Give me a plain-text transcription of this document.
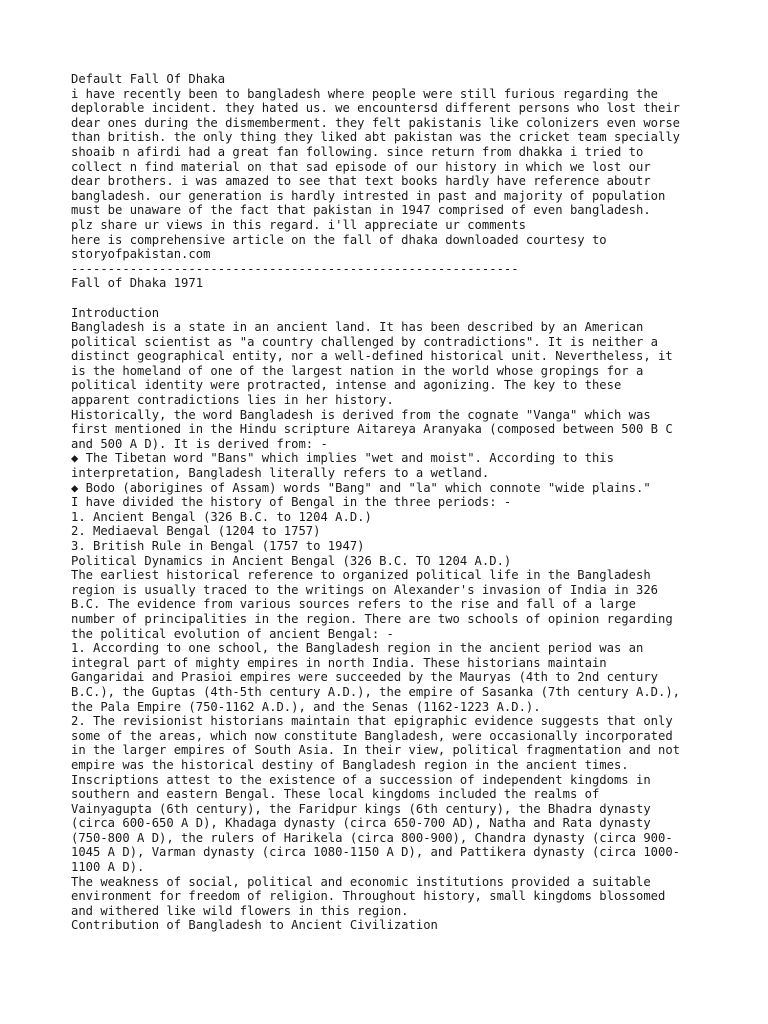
Default Fall Of Dhaka
i have recently been to bangladesh where people were still furious regarding the
deplorable incident. they hated us. we encountersd different persons who lost their
dear ones during the dismemberment. they felt pakistanis like colonizers even worse
than british. the only thing they liked abt pakistan was the cricket team specially
shoaib n afirdi had a great fan following. since return from dhakka i tried to
collect n find material on that sad episode of our history in which we lost our
dear brothers. i was amazed to see that text books hardly have reference aboutr
bangladesh. our generation is hardly intrested in past and majority of population
must be unaware of the fact that pakistan in 1947 comprised of even bangladesh.
plz share ur views in this regard. i'll appreciate ur comments
here is comprehensive article on the fall of dhaka downloaded courtesy to
storyofpakistan.com
-------------------------------------------------------------
Fall of Dhaka 1971
Introduction
Bangladesh is a state in an ancient land. It has been described by an American
political scientist as "a country challenged by contradictions". It is neither a
distinct geographical entity, nor a well-defined historical unit. Nevertheless, it
is the homeland of one of the largest nation in the world whose gropings for a
political identity were protracted, intense and agonizing. The key to these
apparent contradictions lies in her history.
Historically, the word Bangladesh is derived from the cognate "Vanga" which was
first mentioned in the Hindu scripture Aitareya Aranyaka (composed between 500 B C
and 500 A D). It is derived from: -
◆ The Tibetan word "Bans" which implies "wet and moist". According to this
interpretation, Bangladesh literally refers to a wetland.
◆ Bodo (aborigines of Assam) words "Bang" and "la" which connote "wide plains."
I have divided the history of Bengal in the three periods: -
1. Ancient Bengal (326 B.C. to 1204 A.D.)
2. Mediaeval Bengal (1204 to 1757)
3. British Rule in Bengal (1757 to 1947)
Political Dynamics in Ancient Bengal (326 B.C. TO 1204 A.D.)
The earliest historical reference to organized political life in the Bangladesh
region is usually traced to the writings on Alexander's invasion of India in 326
B.C. The evidence from various sources refers to the rise and fall of a large
number of principalities in the region. There are two schools of opinion regarding
the political evolution of ancient Bengal: -
1. According to one school, the Bangladesh region in the ancient period was an
integral part of mighty empires in north India. These historians maintain
Gangaridai and Prasioi empires were succeeded by the Mauryas (4th to 2nd century
B.C.), the Guptas (4th-5th century A.D.), the empire of Sasanka (7th century A.D.),
the Pala Empire (750-1162 A.D.), and the Senas (1162-1223 A.D.).
2. The revisionist historians maintain that epigraphic evidence suggests that only
some of the areas, which now constitute Bangladesh, were occasionally incorporated
in the larger empires of South Asia. In their view, political fragmentation and not
empire was the historical destiny of Bangladesh region in the ancient times.
Inscriptions attest to the existence of a succession of independent kingdoms in
southern and eastern Bengal. These local kingdoms included the realms of
Vainyagupta (6th century), the Faridpur kings (6th century), the Bhadra dynasty
(circa 600-650 A D), Khadaga dynasty (circa 650-700 AD), Natha and Rata dynasty
(750-800 A D), the rulers of Harikela (circa 800-900), Chandra dynasty (circa 900-
1045 A D), Varman dynasty (circa 1080-1150 A D), and Pattikera dynasty (circa 1000-
1100 A D).
The weakness of social, political and economic institutions provided a suitable
environment for freedom of religion. Throughout history, small kingdoms blossomed
and withered like wild flowers in this region.
Contribution of Bangladesh to Ancient Civilization
